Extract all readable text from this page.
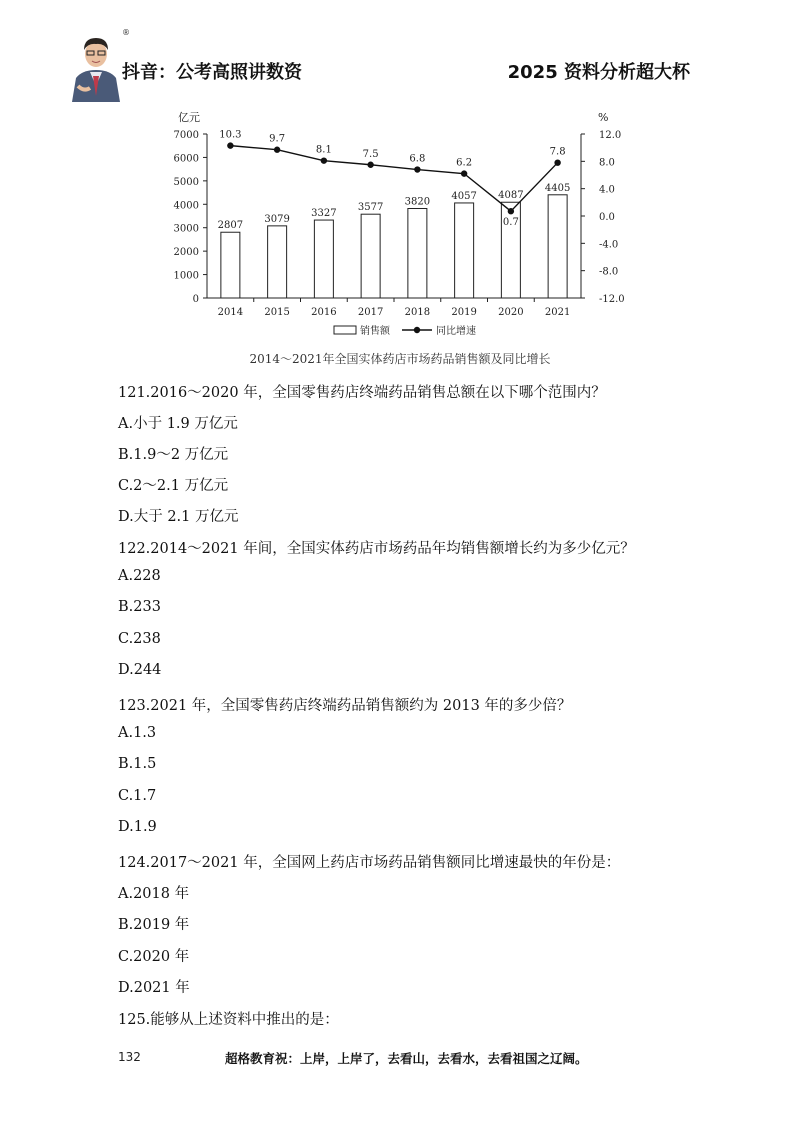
®
抖音：公考高照讲数资	2025 资料分析超大杯
亿元	%
0
1000
2000
3000
4000
5000
6000
7000
-12.0
-8.0
-4.0
0.0
4.0
8.0
12.0
2014 2015 2016 2017 2018 2019 2020 2021
2807
3079
3327
3577
3820
4057 4087
4405
10.3	9.7
8.1	7.5	6.8	6.2
0.7
7.8
销售额	同比增速
2014～2021年全国实体药店市场药品销售额及同比增长
121.2016～2020 年，全国零售药店终端药品销售总额在以下哪个范围内？
A.小于 1.9 万亿元
B.1.9～2 万亿元
C.2～2.1 万亿元
D.大于 2.1 万亿元
122.2014～2021 年间，全国实体药店市场药品年均销售额增长约为多少亿元？
A.228
B.233
C.238
D.244
123.2021 年，全国零售药店终端药品销售额约为 2013 年的多少倍？
A.1.3
B.1.5
C.1.7
D.1.9
124.2017～2021 年，全国网上药店市场药品销售额同比增速最快的年份是：
A.2018 年
B.2019 年
C.2020 年
D.2021 年
125.能够从上述资料中推出的是：
132	超格教育祝：上岸，上岸了，去看山，去看水，去看祖国之辽阔。
